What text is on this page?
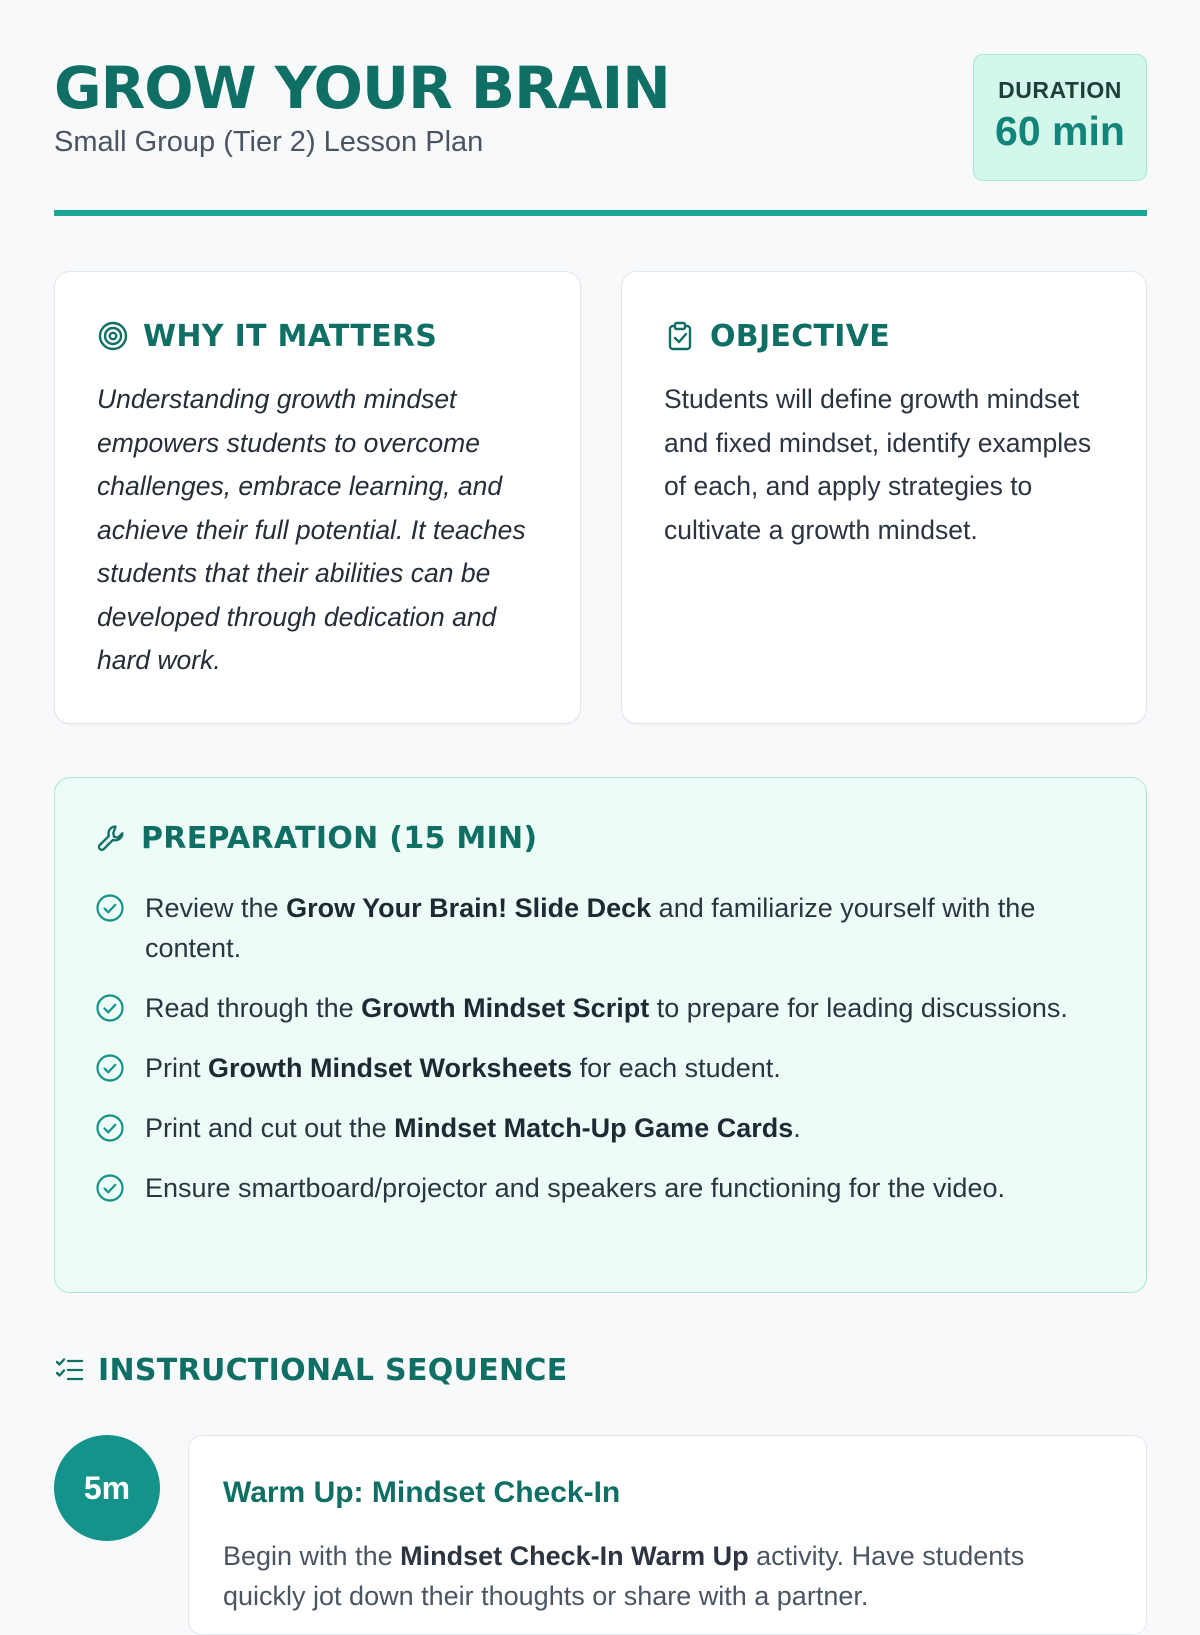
GROW YOUR BRAIN
Small Group (Tier 2) Lesson Plan
DURATION
60 min
WHY IT MATTERS
Understanding growth mindset empowers students to overcome challenges, embrace learning, and achieve their full potential. It teaches students that their abilities can be developed through dedication and hard work.
OBJECTIVE
Students will define growth mindset and fixed mindset, identify examples of each, and apply strategies to cultivate a growth mindset.
PREPARATION (15 MIN)
Review the Grow Your Brain! Slide Deck and familiarize yourself with the content.
Read through the Growth Mindset Script to prepare for leading discussions.
Print Growth Mindset Worksheets for each student.
Print and cut out the Mindset Match-Up Game Cards.
Ensure smartboard/projector and speakers are functioning for the video.
INSTRUCTIONAL SEQUENCE
5m	Warm Up: Mindset Check-In
Begin with the Mindset Check-In Warm Up activity. Have students quickly jot down their thoughts or share with a partner.
